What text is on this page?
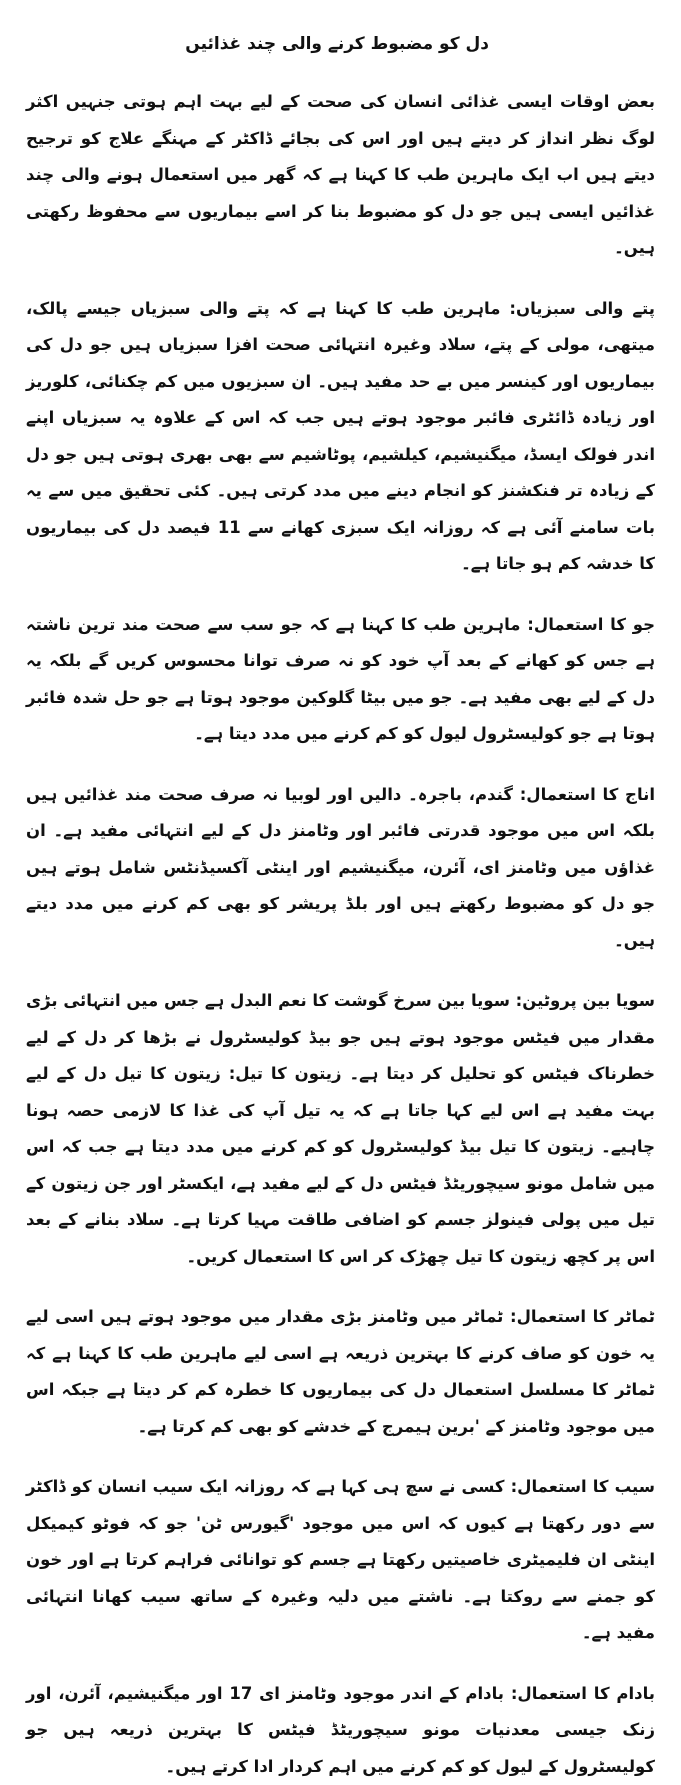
دل کو مضبوط کرنے والی چند غذائیں

بعض اوقات ایسی غذائی انسان کی صحت کے لیے بہت اہم ہوتی جنہیں اکثر لوگ نظر انداز کر دیتے ہیں اور اس کی بجائے ڈاکٹر کے مہنگے علاج کو ترجیح دیتے ہیں اب ایک ماہرین طب کا کہنا ہے کہ گھر میں استعمال ہونے والی چند غذائیں ایسی ہیں جو دل کو مضبوط بنا کر اسے بیماریوں سے محفوظ رکھتی ہیں۔

پتے والی سبزیاں: ماہرین طب کا کہنا ہے کہ پتے والی سبزیاں جیسے پالک، میتھی، مولی کے پتے، سلاد وغیرہ انتہائی صحت افزا سبزیاں ہیں جو دل کی بیماریوں اور کینسر میں بے حد مفید ہیں۔ ان سبزیوں میں کم چکنائی، کلوریز اور زیادہ ڈائٹری فائبر موجود ہوتے ہیں جب کہ اس کے علاوہ یہ سبزیاں اپنے اندر فولک ایسڈ، میگنیشیم، کیلشیم، پوٹاشیم سے بھی بھری ہوتی ہیں جو دل کے زیادہ تر فنکشنز کو انجام دینے میں مدد کرتی ہیں۔ کئی تحقیق میں سے یہ بات سامنے آئی ہے کہ روزانہ ایک سبزی کھانے سے 11 فیصد دل کی بیماریوں کا خدشہ کم ہو جاتا ہے۔

جو کا استعمال: ماہرین طب کا کہنا ہے کہ جو سب سے صحت مند ترین ناشتہ ہے جس کو کھانے کے بعد آپ خود کو نہ صرف توانا محسوس کریں گے بلکہ یہ دل کے لیے بھی مفید ہے۔ جو میں بیٹا گلوکین موجود ہوتا ہے جو حل شدہ فائبر ہوتا ہے جو کولیسٹرول لیول کو کم کرنے میں مدد دیتا ہے۔

اناج کا استعمال: گندم، باجرہ۔ دالیں اور لوبیا نہ صرف صحت مند غذائیں ہیں بلکہ اس میں موجود قدرتی فائبر اور وٹامنز دل کے لیے انتہائی مفید ہے۔ ان غذاؤں میں وٹامنز ای، آئرن، میگنیشیم اور اینٹی آکسیڈنٹس شامل ہوتے ہیں جو دل کو مضبوط رکھتے ہیں اور بلڈ پریشر کو بھی کم کرنے میں مدد دیتے ہیں۔

سویا بین پروٹین: سویا بین سرخ گوشت کا نعم البدل ہے جس میں انتہائی بڑی مقدار میں فیٹس موجود ہوتے ہیں جو بیڈ کولیسٹرول نے بڑھا کر دل کے لیے خطرناک فیٹس کو تحلیل کر دیتا ہے۔ زیتون کا تیل: زیتون کا تیل دل کے لیے بہت مفید ہے اس لیے کہا جاتا ہے کہ یہ تیل آپ کی غذا کا لازمی حصہ ہونا چاہیے۔ زیتون کا تیل بیڈ کولیسٹرول کو کم کرنے میں مدد دیتا ہے جب کہ اس میں شامل مونو سیچوریٹڈ فیٹس دل کے لیے مفید ہے، ایکسٹر اور جن زیتون کے تیل میں پولی فینولز جسم کو اضافی طاقت مہیا کرتا ہے۔ سلاد بنانے کے بعد اس پر کچھ زیتون کا تیل چھڑک کر اس کا استعمال کریں۔

ٹماٹر کا استعمال: ٹماٹر میں وٹامنز بڑی مقدار میں موجود ہوتے ہیں اسی لیے یہ خون کو صاف کرنے کا بہترین ذریعہ ہے اسی لیے ماہرین طب کا کہنا ہے کہ ٹماٹر کا مسلسل استعمال دل کی بیماریوں کا خطرہ کم کر دیتا ہے جبکہ اس میں موجود وٹامنز کے 'برین ہیمرج کے خدشے کو بھی کم کرتا ہے۔

سیب کا استعمال: کسی نے سچ ہی کہا ہے کہ روزانہ ایک سیب انسان کو ڈاکٹر سے دور رکھتا ہے کیوں کہ اس میں موجود 'گیورس ٹن' جو کہ فوٹو کیمیکل اینٹی ان فلیمیٹری خاصیتیں رکھتا ہے جسم کو توانائی فراہم کرتا ہے اور خون کو جمنے سے روکتا ہے۔ ناشتے میں دلیہ وغیرہ کے ساتھ سیب کھانا انتہائی مفید ہے۔

بادام کا استعمال: بادام کے اندر موجود وٹامنز ای 17 اور میگنیشیم، آئرن، اور زنک جیسی معدنیات مونو سیچوریٹڈ فیٹس کا بہترین ذریعہ ہیں جو کولیسٹرول کے لیول کو کم کرنے میں اہم کردار ادا کرتے ہیں۔
